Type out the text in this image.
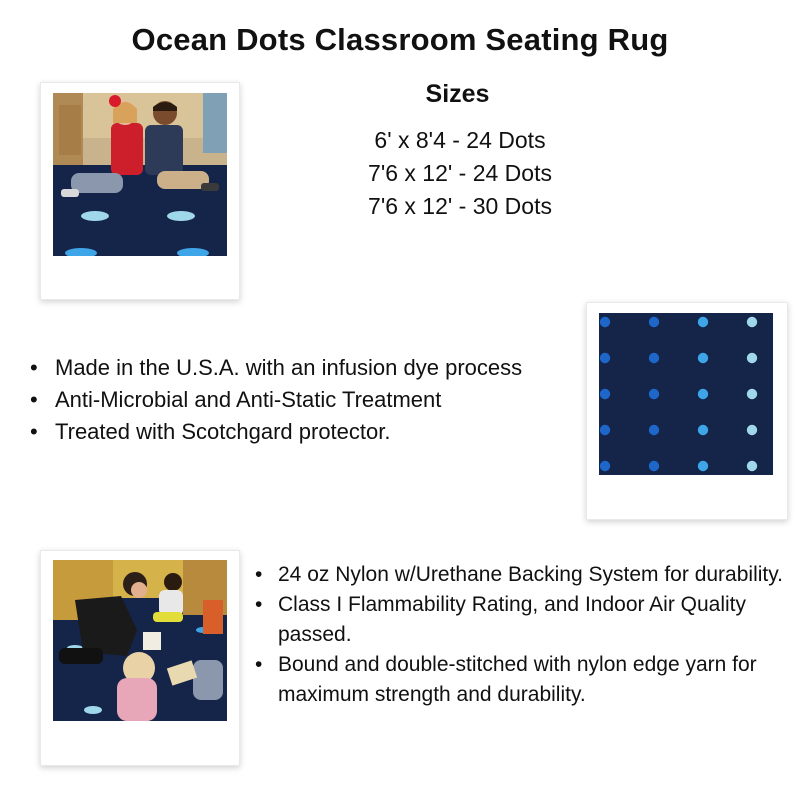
Ocean Dots Classroom Seating Rug
Sizes
6' x 8'4 - 24 Dots
7'6 x 12' - 24 Dots
7'6 x 12' - 30 Dots
• Made in the U.S.A. with an infusion dye process
• Anti-Microbial and Anti-Static Treatment
• Treated with Scotchgard protector.
• 24 oz Nylon w/Urethane Backing System for durability.
• Class I Flammability Rating, and Indoor Air Quality passed.
• Bound and double-stitched with nylon edge yarn for maximum strength and durability.
